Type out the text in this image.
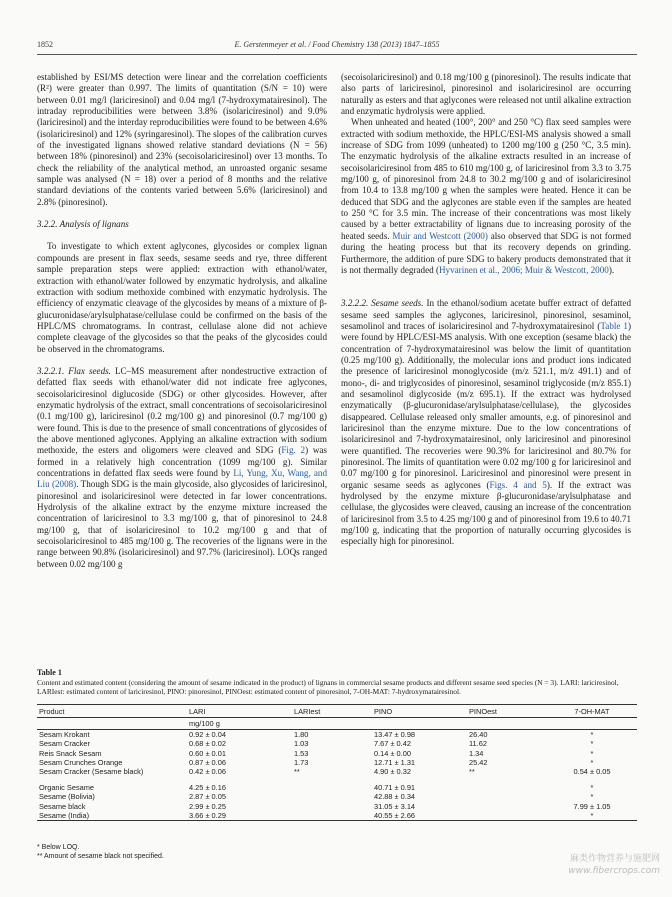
1852	E. Gerstenmeyer et al. / Food Chemistry 138 (2013) 1847–1855

established by ESI/MS detection were linear and the correlation coefficients (R²) were greater than 0.997. The limits of quantitation (S/N = 10) were between 0.01 mg/l (lariciresinol) and 0.04 mg/l (7-hydroxymatairesinol). The intraday reproducibilities were between 3.8% (isolariciresinol) and 9.0% (lariciresinol) and the interday reproducibilities were found to be between 4.6% (isolariciresinol) and 12% (syringaresinol). The slopes of the calibration curves of the investigated lignans showed relative standard deviations (N = 56) between 18% (pinoresinol) and 23% (secoisolariciresinol) over 13 months. To check the reliability of the analytical method, an unroasted organic sesame sample was analysed (N = 18) over a period of 8 months and the relative standard deviations of the contents varied between 5.6% (lariciresinol) and 2.8% (pinoresinol).

3.2.2. Analysis of lignans

To investigate to which extent aglycones, glycosides or complex lignan compounds are present in flax seeds, sesame seeds and rye, three different sample preparation steps were applied: extraction with ethanol/water, extraction with ethanol/water followed by enzymatic hydrolysis, and alkaline extraction with sodium methoxide combined with enzymatic hydrolysis. The efficiency of enzymatic cleavage of the glycosides by means of a mixture of β-glucuronidase/arylsulphatase/cellulase could be confirmed on the basis of the HPLC/MS chromatograms. In contrast, cellulase alone did not achieve complete cleavage of the glycosides so that the peaks of the glycosides could be observed in the chromatograms.

3.2.2.1. Flax seeds. LC–MS measurement after nondestructive extraction of defatted flax seeds with ethanol/water did not indicate free aglycones, secoisolariciresinol diglucoside (SDG) or other glycosides. However, after enzymatic hydrolysis of the extract, small concentrations of secoisolariciresinol (0.1 mg/100 g), lariciresinol (0.2 mg/100 g) and pinoresinol (0.7 mg/100 g) were found. This is due to the presence of small concentrations of glycosides of the above mentioned aglycones. Applying an alkaline extraction with sodium methoxide, the esters and oligomers were cleaved and SDG (Fig. 2) was formed in a relatively high concentration (1099 mg/100 g). Similar concentrations in defatted flax seeds were found by Li, Yung, Xu, Wang, and Liu (2008). Though SDG is the main glycoside, also glycosides of lariciresinol, pinoresinol and isolariciresinol were detected in far lower concentrations. Hydrolysis of the alkaline extract by the enzyme mixture increased the concentration of lariciresinol to 3.3 mg/100 g, that of pinoresinol to 24.8 mg/100 g, that of isolariciresinol to 10.2 mg/100 g and that of secoisolariciresinol to 485 mg/100 g. The recoveries of the lignans were in the range between 90.8% (isolariciresinol) and 97.7% (lariciresinol). LOQs ranged between 0.02 mg/100 g

(secoisolariciresinol) and 0.18 mg/100 g (pinoresinol). The results indicate that also parts of lariciresinol, pinoresinol and isolariciresinol are occurring naturally as esters and that aglycones were released not until alkaline extraction and enzymatic hydrolysis were applied.

When unheated and heated (100°, 200° and 250 °C) flax seed samples were extracted with sodium methoxide, the HPLC/ESI-MS analysis showed a small increase of SDG from 1099 (unheated) to 1200 mg/100 g (250 °C, 3.5 min). The enzymatic hydrolysis of the alkaline extracts resulted in an increase of secoisolariciresinol from 485 to 610 mg/100 g, of lariciresinol from 3.3 to 3.75 mg/100 g, of pinoresinol from 24.8 to 30.2 mg/100 g and of isolariciresinol from 10.4 to 13.8 mg/100 g when the samples were heated. Hence it can be deduced that SDG and the aglycones are stable even if the samples are heated to 250 °C for 3.5 min. The increase of their concentrations was most likely caused by a better extractability of lignans due to increasing porosity of the heated seeds. Muir and Westcott (2000) also observed that SDG is not formed during the heating process but that its recovery depends on grinding. Furthermore, the addition of pure SDG to bakery products demonstrated that it is not thermally degraded (Hyvarinen et al., 2006; Muir & Westcott, 2000).

3.2.2.2. Sesame seeds. In the ethanol/sodium acetate buffer extract of defatted sesame seed samples the aglycones, lariciresinol, pinoresinol, sesaminol, sesamolinol and traces of isolariciresinol and 7-hydroxymatairesinol (Table 1) were found by HPLC/ESI-MS analysis. With one exception (sesame black) the concentration of 7-hydroxymatairesinol was below the limit of quantitation (0.25 mg/100 g). Additionally, the molecular ions and product ions indicated the presence of lariciresinol monoglycoside (m/z 521.1, m/z 491.1) and of mono-, di- and triglycosides of pinoresinol, sesaminol triglycoside (m/z 855.1) and sesamolinol diglycoside (m/z 695.1). If the extract was hydrolysed enzymatically (β-glucuronidase/arylsulphatase/cellulase), the glycosides disappeared. Cellulase released only smaller amounts, e.g. of pinoresinol and lariciresinol than the enzyme mixture. Due to the low concentrations of isolariciresinol and 7-hydroxymatairesinol, only lariciresinol and pinoresinol were quantified. The recoveries were 90.3% for lariciresinol and 80.7% for pinoresinol. The limits of quantitation were 0.02 mg/100 g for lariciresinol and 0.07 mg/100 g for pinoresinol. Lariciresinol and pinoresinol were present in organic sesame seeds as aglycones (Figs. 4 and 5). If the extract was hydrolysed by the enzyme mixture β-glucuronidase/arylsulphatase and cellulase, the glycosides were cleaved, causing an increase of the concentration of lariciresinol from 3.5 to 4.25 mg/100 g and of pinoresinol from 19.6 to 40.71 mg/100 g, indicating that the proportion of naturally occurring glycosides is especially high for pinoresinol.

Table 1
Content and estimated content (considering the amount of sesame indicated in the product) of lignans in commercial sesame products and different sesame seed species (N = 3). LARI: lariciresinol, LARIest: estimated content of lariciresinol, PINO: pinoresinol, PINOest: estimated content of pinoresinol, 7-OH-MAT: 7-hydroxymatairesinol.
Product	LARI	LARIest	PINO	PINOest	7-OH-MAT
	mg/100 g				
Sesam Krokant	0.92 ± 0.04	1.80	13.47 ± 0.98	26.40	*
Sesam Cracker	0.68 ± 0.02	1.03	7.67 ± 0.42	11.62	*
Reis Snack Sesam	0.60 ± 0.01	1.53	0.14 ± 0.00	1.34	*
Sesam Crunches Orange	0.87 ± 0.06	1.73	12.71 ± 1.31	25.42	*
Sesam Cracker (Sesame black)	0.42 ± 0.06	**	4.90 ± 0.32	**	0.54 ± 0.05

Organic Sesame	4.25 ± 0.16		40.71 ± 0.91		*
Sesame (Bolivia)	2.87 ± 0.05		42.88 ± 0.34		*
Sesame black	2.99 ± 0.25		31.05 ± 3.14		7.99 ± 1.05
Sesame (India)	3.66 ± 0.29		40.55 ± 2.66		*
* Below LOQ.
** Amount of sesame black not specified.	麻类作物营养与施肥网
www.fibercrops.com
